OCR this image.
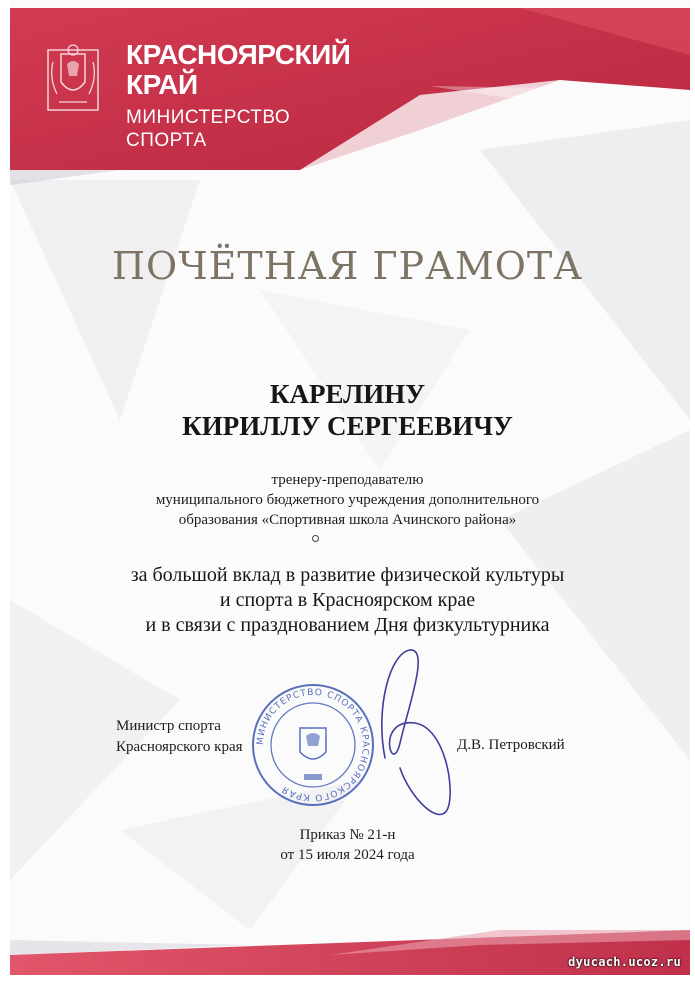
КРАСНОЯРСКИЙ
КРАЙ
МИНИСТЕРСТВО
СПОРТА
ПОЧЁТНАЯ ГРАМОТА
КАРЕЛИНУ
КИРИЛЛУ СЕРГЕЕВИЧУ
тренеру-преподавателю
муниципального бюджетного учреждения дополнительного
образования «Спортивная школа Ачинского района»
за большой вклад в развитие физической культуры
и спорта в Красноярском крае
и в связи с празднованием Дня физкультурника
МИНИСТЕРСТВО СПОРТА КРАСНОЯРСКОГО КРАЯ
Министр спорта
Красноярского края	Д.В. Петровский
Приказ № 21-н
от 15 июля 2024 года
dyucach.ucoz.ru
